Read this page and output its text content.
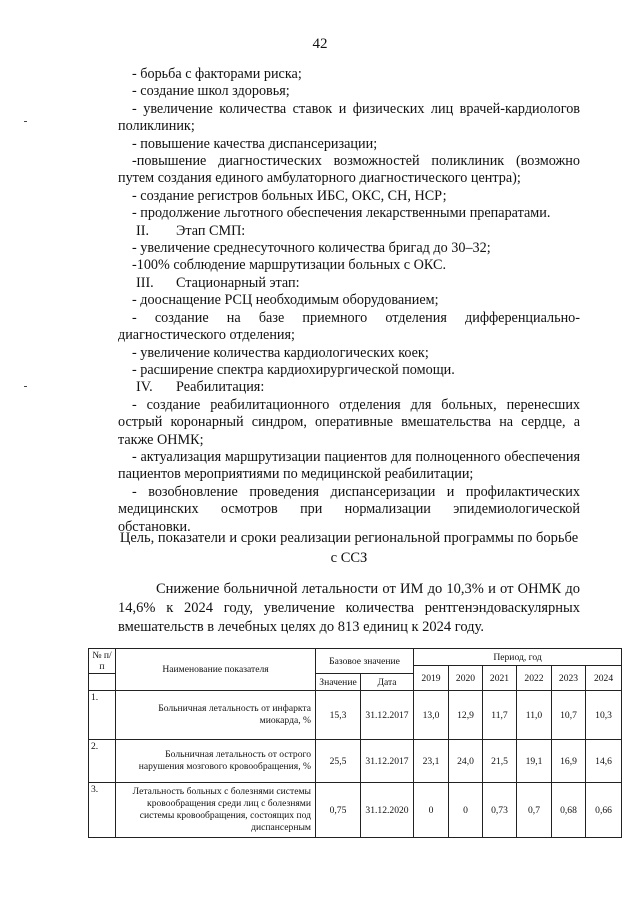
42

- борьба с факторами риска;

- создание школ здоровья;

- увеличение количества ставок и физических лиц врачей-кардиологов поликлиник;

- повышение качества диспансеризации;

-повышение диагностических возможностей поликлиник (возможно путем создания единого амбулаторного диагностического центра);

- создание регистров больных ИБС, ОКС, СН, НСР;

- продолжение льготного обеспечения лекарственными препаратами.

II. Этап СМП:

- увеличение среднесуточного количества бригад до 30–32;

-100% соблюдение маршрутизации больных с ОКС.

III. Стационарный этап:

- дооснащение РСЦ необходимым оборудованием;

- создание на базе приемного отделения дифференциально-диагностического отделения;

- увеличение количества кардиологических коек;

- расширение спектра кардиохирургической помощи.

IV. Реабилитация:

- создание реабилитационного отделения для больных, перенесших острый коронарный синдром, оперативные вмешательства на сердце, а также ОНМК;

- актуализация маршрутизации пациентов для полноценного обеспечения пациентов мероприятиями по медицинской реабилитации;

- возобновление проведения диспансеризации и профилактических медицинских осмотров при нормализации эпидемиологической обстановки.

Цель, показатели и сроки реализации региональной программы по борьбе с ССЗ
Снижение больничной летальности от ИМ до 10,3% и от ОНМК до 14,6% к 2024 году, увеличение количества рентгенэндоваскулярных вмешательств в лечебных целях до 813 единиц к 2024 году.
№ п/п	Наименование показателя	Базовое значение		Период, год					
				2019	2020	2021	2022	2023	2024
		Значение	Дата						
1.	Больничная летальность от инфаркта миокарда, %	15,3	31.12.2017	13,0	12,9	11,7	11,0	10,7	10,3
2.	Больничная летальность от острого нарушения мозгового кровообращения, %	25,5	31.12.2017	23,1	24,0	21,5	19,1	16,9	14,6
3.	Летальность больных с болезнями системы кровообращения среди лиц с болезнями системы кровообращения, состоящих под диспансерным	0,75	31.12.2020	0	0	0,73	0,7	0,68	0,66
